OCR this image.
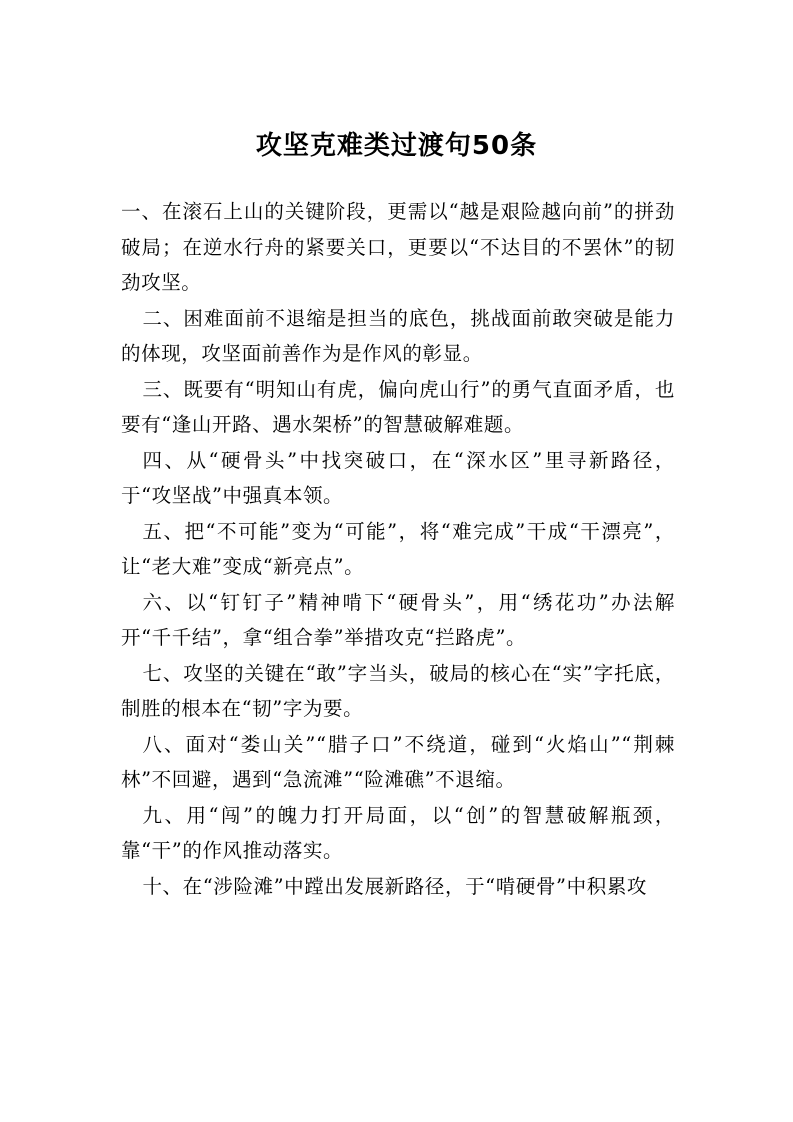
攻坚克难类过渡句50条

一、在滚石上山的关键阶段，更需以“越是艰险越向前”的拼劲破局；在逆水行舟的紧要关口，更要以“不达目的不罢休”的韧劲攻坚。

二、困难面前不退缩是担当的底色，挑战面前敢突破是能力的体现，攻坚面前善作为是作风的彰显。

三、既要有“明知山有虎，偏向虎山行”的勇气直面矛盾，也要有“逢山开路、遇水架桥”的智慧破解难题。

四、从“硬骨头”中找突破口，在“深水区”里寻新路径，于“攻坚战”中强真本领。

五、把“不可能”变为“可能”，将“难完成”干成“干漂亮”，让“老大难”变成“新亮点”。

六、以“钉钉子”精神啃下“硬骨头”，用“绣花功”办法解开“千千结”，拿“组合拳”举措攻克“拦路虎”。

七、攻坚的关键在“敢”字当头，破局的核心在“实”字托底，制胜的根本在“韧”字为要。

八、面对“娄山关”“腊子口”不绕道，碰到“火焰山”“荆棘林”不回避，遇到“急流滩”“险滩礁”不退缩。

九、用“闯”的魄力打开局面，以“创”的智慧破解瓶颈，靠“干”的作风推动落实。

十、在“涉险滩”中蹚出发展新路径，于“啃硬骨”中积累攻
